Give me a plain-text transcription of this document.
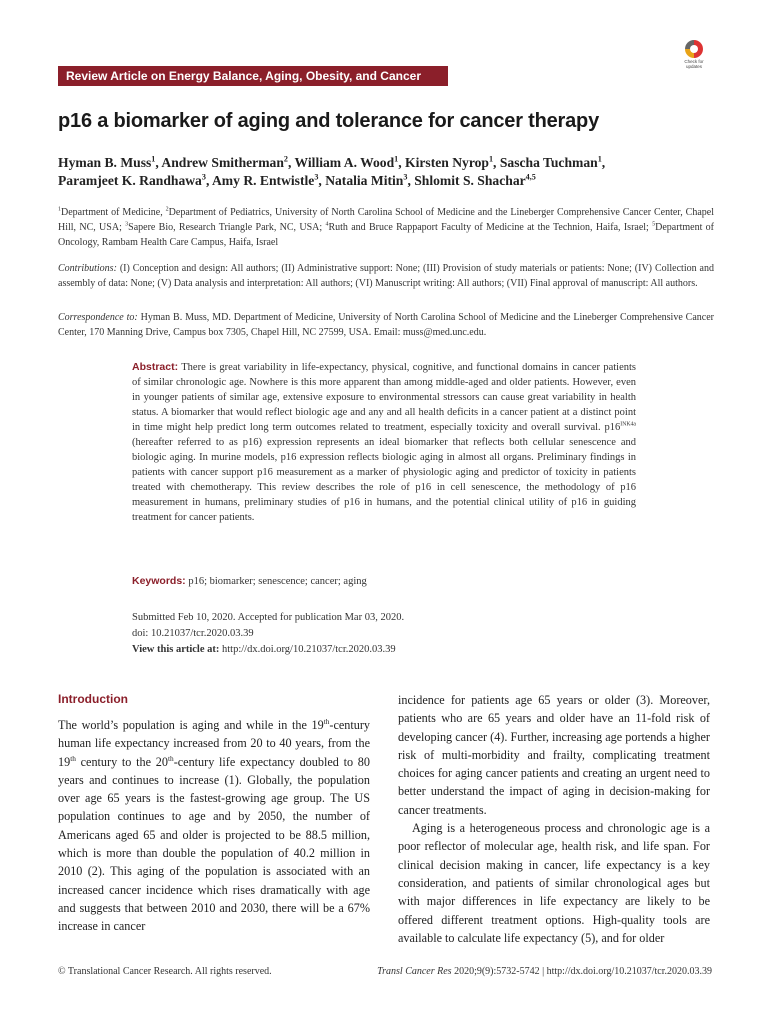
Review Article on Energy Balance, Aging, Obesity, and Cancer
Check for
updates
p16 a biomarker of aging and tolerance for cancer therapy
Hyman B. Muss$^1$, Andrew Smitherman$^2$, William A. Wood$^1$, Kirsten Nyrop$^1$, Sascha Tuchman$^1$,
Paramjeet K. Randhawa$^3$, Amy R. Entwistle$^3$, Natalia Mitin$^3$, Shlomit S. Shachar$^{4,5}$
$^1$Department of Medicine, $^2$Department of Pediatrics, University of North Carolina School of Medicine and the Lineberger Comprehensive Cancer Center, Chapel Hill, NC, USA; $^3$Sapere Bio, Research Triangle Park, NC, USA; $^4$Ruth and Bruce Rappaport Faculty of Medicine at the Technion, Haifa, Israel; $^5$Department of Oncology, Rambam Health Care Campus, Haifa, Israel
Contributions: (I) Conception and design: All authors; (II) Administrative support: None; (III) Provision of study materials or patients: None; (IV) Collection and assembly of data: None; (V) Data analysis and interpretation: All authors; (VI) Manuscript writing: All authors; (VII) Final approval of manuscript: All authors.
Correspondence to: Hyman B. Muss, MD. Department of Medicine, University of North Carolina School of Medicine and the Lineberger Comprehensive Cancer Center, 170 Manning Drive, Campus box 7305, Chapel Hill, NC 27599, USA. Email: muss@med.unc.edu.
Abstract: There is great variability in life-expectancy, physical, cognitive, and functional domains in cancer patients of similar chronologic age. Nowhere is this more apparent than among middle-aged and older patients. However, even in younger patients of similar age, extensive exposure to environmental stressors can cause great variability in health status. A biomarker that would reflect biologic age and any and all health deficits in a cancer patient at a distinct point in time might help predict long term outcomes related to treatment, especially toxicity and overall survival. $p16^{INK4a}$ (hereafter referred to as p16) expression represents an ideal biomarker that reflects both cellular senescence and biologic aging. In murine models, p16 expression reflects biologic aging in almost all organs. Preliminary findings in patients with cancer support p16 measurement as a marker of physiologic aging and predictor of toxicity in patients treated with chemotherapy. This review describes the role of p16 in cell senescence, the methodology of p16 measurement in humans, preliminary studies of p16 in humans, and the potential clinical utility of p16 in guiding treatment for cancer patients.
Keywords: p16; biomarker; senescence; cancer; aging
Submitted Feb 10, 2020. Accepted for publication Mar 03, 2020.
doi: 10.21037/tcr.2020.03.39
View this article at: http://dx.doi.org/10.21037/tcr.2020.03.39
Introduction

The world’s population is aging and while in the 19th-century human life expectancy increased from 20 to 40 years, from the 19th century to the 20th-century life expectancy doubled to 80 years and continues to increase (1). Globally, the population over age 65 years is the fastest-growing age group. The US population continues to age and by 2050, the number of Americans aged 65 and older is projected to be 88.5 million, which is more than double the population of 40.2 million in 2010 (2). This aging of the population is associated with an increased cancer incidence which rises dramatically with age and suggests that between 2010 and 2030, there will be a 67% increase in cancer

incidence for patients age 65 years or older (3). Moreover, patients who are 65 years and older have an 11-fold risk of developing cancer (4). Further, increasing age portends a higher risk of multi-morbidity and frailty, complicating treatment choices for aging cancer patients and creating an urgent need to better understand the impact of aging in decision-making for cancer treatments.

Aging is a heterogeneous process and chronologic age is a poor reflector of molecular age, health risk, and life span. For clinical decision making in cancer, life expectancy is a key consideration, and patients of similar chronological ages but with major differences in life expectancy are likely to be offered different treatment options. High-quality tools are available to calculate life expectancy (5), and for older

© Translational Cancer Research. All rights reserved.	Transl Cancer Res 2020;9(9):5732-5742 | http://dx.doi.org/10.21037/tcr.2020.03.39
